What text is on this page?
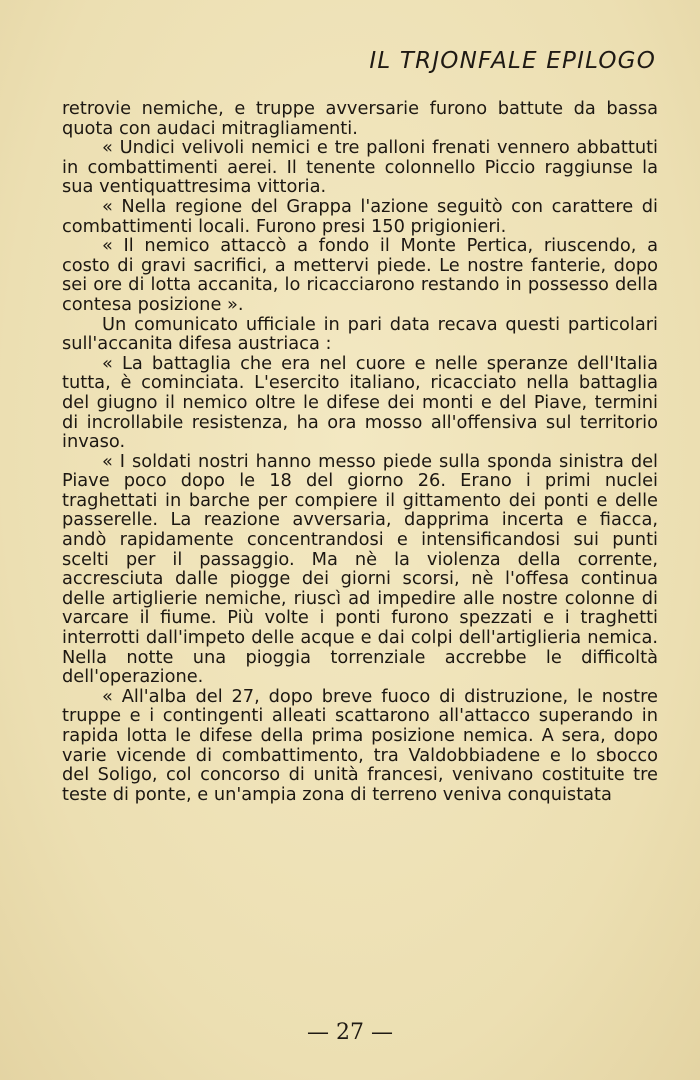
IL TRJONFALE EPILOGO

retrovie nemiche, e truppe avversarie furono battute da bassa quota con audaci mitragliamenti.

« Undici velivoli nemici e tre palloni frenati vennero abbattuti in combattimenti aerei. Il tenente colonnello Piccio raggiunse la sua ventiquattresima vittoria.

« Nella regione del Grappa l'azione seguitò con carattere di combattimenti locali. Furono presi 150 prigionieri.

« Il nemico attaccò a fondo il Monte Pertica, riuscendo, a costo di gravi sacrifici, a mettervi piede. Le nostre fanterie, dopo sei ore di lotta accanita, lo ricacciarono restando in possesso della contesa posizione ».

Un comunicato ufficiale in pari data recava questi particolari sull'accanita difesa austriaca :

« La battaglia che era nel cuore e nelle speranze dell'Italia tutta, è cominciata. L'esercito italiano, ricacciato nella battaglia del giugno il nemico oltre le difese dei monti e del Piave, termini di incrollabile resistenza, ha ora mosso all'offensiva sul territorio invaso.

« I soldati nostri hanno messo piede sulla sponda sinistra del Piave poco dopo le 18 del giorno 26. Erano i primi nuclei traghettati in barche per compiere il gittamento dei ponti e delle passerelle. La reazione avversaria, dapprima incerta e fiacca, andò rapidamente concentrandosi e intensificandosi sui punti scelti per il passaggio. Ma nè la violenza della corrente, accresciuta dalle piogge dei giorni scorsi, nè l'offesa continua delle artiglierie nemiche, riuscì ad impedire alle nostre colonne di varcare il fiume. Più volte i ponti furono spezzati e i traghetti interrotti dall'impeto delle acque e dai colpi dell'artiglieria nemica. Nella notte una pioggia torrenziale accrebbe le difficoltà dell'operazione.

« All'alba del 27, dopo breve fuoco di distruzione, le nostre truppe e i contingenti alleati scattarono all'attacco superando in rapida lotta le difese della prima posizione nemica. A sera, dopo varie vicende di combattimento, tra Valdobbiadene e lo sbocco del Soligo, col concorso di unità francesi, venivano costituite tre teste di ponte, e un'ampia zona di terreno veniva conquistata

— 27 —
